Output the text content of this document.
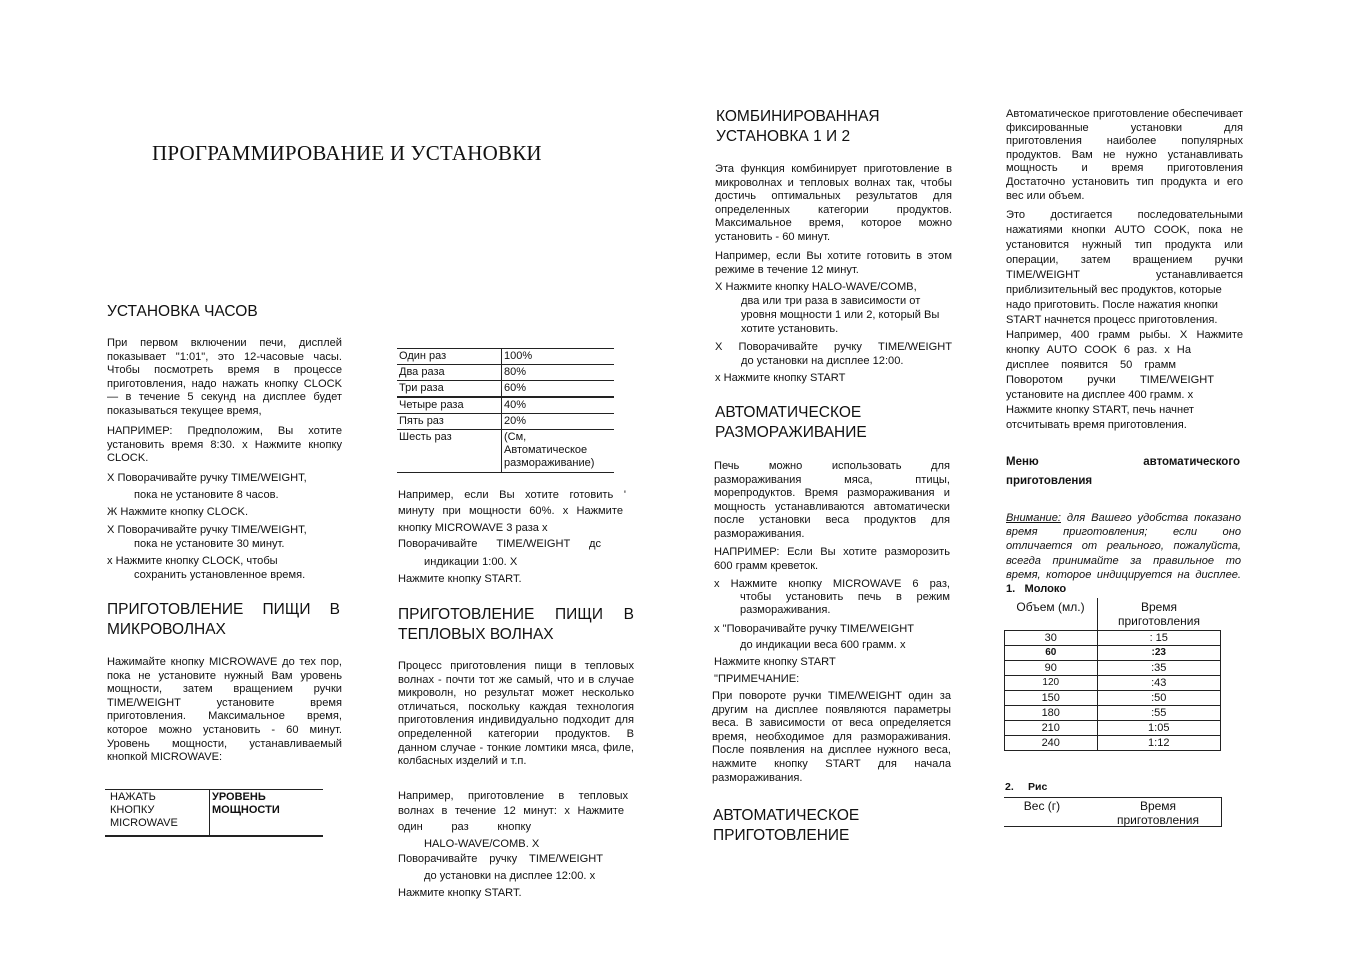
ПРОГРАММИРОВАНИЕ И УСТАНОВКИ
УСТАНОВКА ЧАСОВ
При первом включении печи, дисплей показывает "1:01", это 12-часовые часы. Чтобы посмотреть время в процессе приготовления, надо нажать кнопку CLOCK — в течение 5 секунд на дисплее будет показываться текущее время,
НАПРИМЕР: Предположим, Вы хотите установить время 8:30. х Нажмите кнопку CLOCK.
X Поворачивайте ручку TIME/WEIGHT,
пока не установите 8 часов.
Ж Нажмите кнопку CLOCK.
X Поворачивайте ручку TIME/WEIGHT,
пока не установите 30 минут.
х Нажмите кнопку CLOCK, чтобы
сохранить установленное время.
ПРИГОТОВЛЕНИЕ ПИЩИ В
МИКРОВОЛНАХ
Нажимайте кнопку MICROWAVE до тех пор, пока не установите нужный Вам уровень мощности, затем вращением ручки TIME/WEIGHT установите время приготовления. Максимальное время, которое можно установить - 60 минут. Уровень мощности, устанавливаемый кнопкой MICROWAVE:
НАЖАТЬ КНОПКУ MICROWAVE
УРОВЕНЬ МОЩНОСТИ
Один раз	100%
Два раза	80%
Три раза	60%
Четыре раза	40%
Пять раз	20%
Шесть раз	(См, Автоматическое размораживание)
Например, если Вы хотите готовить '
минуту при мощности 60%. х Нажмите
кнопку MICROWAVE 3 раза х
Поворачивайте TIME/WEIGHT дс
индикации 1:00. Х
Нажмите кнопку START.
ПРИГОТОВЛЕНИЕ ПИЩИ В
ТЕПЛОВЫХ ВОЛНАХ
Процесс приготовления пищи в тепловых волнах - почти тот же самый, что и в случае микроволн, но результат может несколько отличаться, поскольку каждая технология приготовления индивидуально подходит для определенной категории продуктов. В данном случае - тонкие ломтики мяса, филе, колбасных изделий и т.п.
Например, приготовление в тепловых
волнах в течение 12 минут: х Нажмите
один раз кнопку
HALO-WAVE/COMB. X
Поворачивайте ручку TIME/WEIGHT
до установки на дисплее 12:00. х
Нажмите кнопку START.
КОМБИНИРОВАННАЯ
УСТАНОВКА 1 И 2
Эта функция комбинирует приготовление в микроволнах и тепловых волнах так, чтобы достичь оптимальных результатов для определенных категории продуктов. Максимальное время, которое можно установить - 60 минут.
Например, если Вы хотите готовить в этом режиме в течение 12 минут.
X Нажмите кнопку HALO-WAVE/COMB,
два или три раза в зависимости от
уровня мощности 1 или 2, который Вы
хотите установить.
X Поворачивайте ручку TIME/WEIGHT
до установки на дисплее 12:00.
х Нажмите кнопку START
АВТОМАТИЧЕСКОЕ
РАЗМОРАЖИВАНИЕ
Печь можно использовать для размораживания мяса, птицы, морепродуктов. Время размораживания и мощность устанавливаются автоматически после установки веса продуктов для размораживания.
НАПРИМЕР: Если Вы хотите разморозить 600 грамм креветок.
х Нажмите кнопку MICROWAVE 6 раз,
чтобы установить печь в режим
размораживания.
х "Поворачивайте ручку TIME/WEIGHT
до индикации веса 600 грамм. х
Нажмите кнопку START
"ПРИМЕЧАНИЕ:
При повороте ручки TIME/WEIGHT один за другим на дисплее появляются параметры веса. В зависимости от веса определяется время, необходимое для размораживания. После появления на дисплее нужного веса, нажмите кнопку START для начала размораживания.
АВТОМАТИЧЕСКОЕ
ПРИГОТОВЛЕНИЕ
Автоматическое приготовление обеспечивает фиксированные установки для приготовления наиболее популярных продуктов. Вам не нужно устанавливать мощность и время приготовления Достаточно установить тип продукта и его вес или объем.
Это достигается последовательными
нажатиями кнопки AUTO COOK, пока не
установится нужный тип продукта или
операции, затем вращением ручки
TIME/WEIGHT устанавливается
приблизительный вес продуктов, которые
надо приготовить. После нажатия кнопки
START начнется процесс приготовления.
Например, 400 грамм рыбы. Х Нажмите
кнопку AUTO COOK 6 раз. х На
дисплее появится 50 грамм
Поворотом ручки TIME/WEIGHT
установите на дисплее 400 грамм. х
Нажмите кнопку START, печь начнет
отсчитывать время приготовления.
Меню	автоматического
приготовления
Внимание: для Вашего удобства показано время приготовления; если оно отличается от реального, пожалуйста, всегда принимайте за правильное то время, которое индицируется на дисплее. 1. Молоко
Объем (мл.)	Время приготовления
30	: 15
60	:23
90	:35
120	:43
150	:50
180	:55
210	1:05
240	1:12
2. Рис
Вес (г)	Время приготовления
